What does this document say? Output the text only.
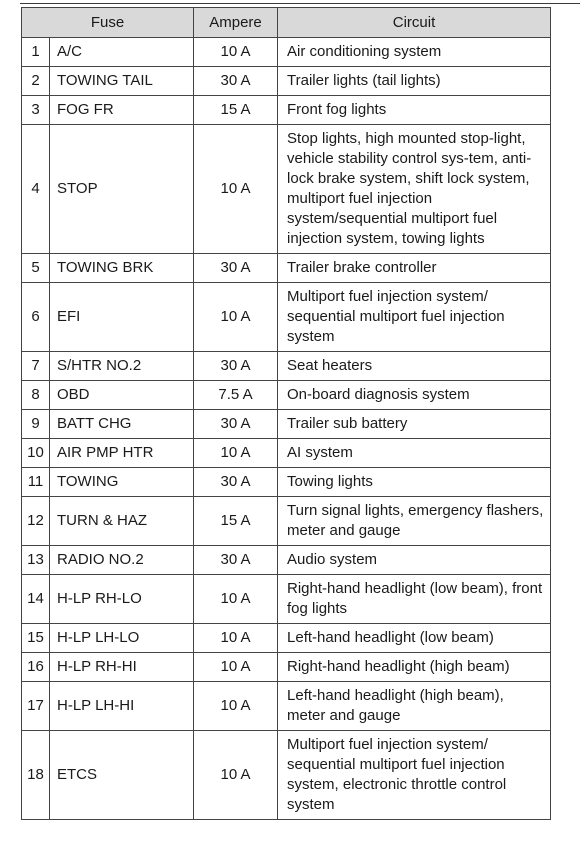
Fuse		Ampere	Circuit
1	A/C	10 A	Air conditioning system
2	TOWING TAIL	30 A	Trailer lights (tail lights)
3	FOG FR	15 A	Front fog lights
4	STOP	10 A	Stop lights, high mounted stop-light, vehicle stability control sys-tem, anti-lock brake system, shift lock system, multiport fuel injection system/sequential multiport fuel injection system, towing lights
5	TOWING BRK	30 A	Trailer brake controller
6	EFI	10 A	Multiport fuel injection system/ sequential multiport fuel injection system
7	S/HTR NO.2	30 A	Seat heaters
8	OBD	7.5 A	On-board diagnosis system
9	BATT CHG	30 A	Trailer sub battery
10	AIR PMP HTR	10 A	AI system
11	TOWING	30 A	Towing lights
12	TURN & HAZ	15 A	Turn signal lights, emergency flashers, meter and gauge
13	RADIO NO.2	30 A	Audio system
14	H-LP RH-LO	10 A	Right-hand headlight (low beam), front fog lights
15	H-LP LH-LO	10 A	Left-hand headlight (low beam)
16	H-LP RH-HI	10 A	Right-hand headlight (high beam)
17	H-LP LH-HI	10 A	Left-hand headlight (high beam), meter and gauge
18	ETCS	10 A	Multiport fuel injection system/ sequential multiport fuel injection system, electronic throttle control system
